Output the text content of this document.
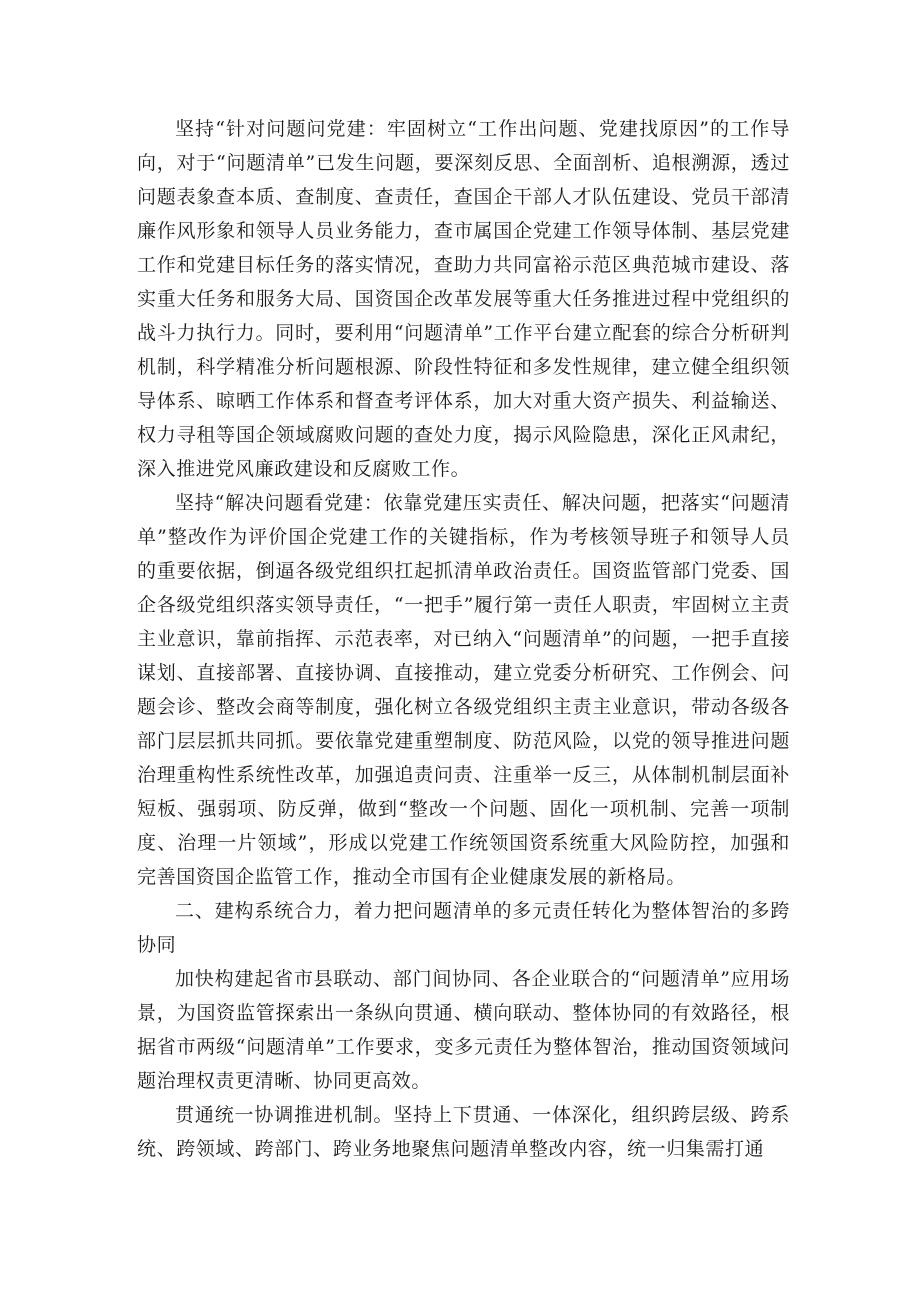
坚持“针对问题问党建：牢固树立“工作出问题、党建找原因”的工作导向，对于“问题清单”已发生问题，要深刻反思、全面剖析、追根溯源，透过问题表象查本质、查制度、查责任，查国企干部人才队伍建设、党员干部清廉作风形象和领导人员业务能力，查市属国企党建工作领导体制、基层党建工作和党建目标任务的落实情况，查助力共同富裕示范区典范城市建设、落实重大任务和服务大局、国资国企改革发展等重大任务推进过程中党组织的战斗力执行力。同时，要利用“问题清单”工作平台建立配套的综合分析研判机制，科学精准分析问题根源、阶段性特征和多发性规律，建立健全组织领导体系、晾晒工作体系和督查考评体系，加大对重大资产损失、利益输送、权力寻租等国企领域腐败问题的查处力度，揭示风险隐患，深化正风肃纪，深入推进党风廉政建设和反腐败工作。

坚持“解决问题看党建：依靠党建压实责任、解决问题，把落实“问题清单”整改作为评价国企党建工作的关键指标，作为考核领导班子和领导人员的重要依据，倒逼各级党组织扛起抓清单政治责任。国资监管部门党委、国企各级党组织落实领导责任，“一把手”履行第一责任人职责，牢固树立主责主业意识，靠前指挥、示范表率，对已纳入“问题清单”的问题，一把手直接谋划、直接部署、直接协调、直接推动，建立党委分析研究、工作例会、问题会诊、整改会商等制度，强化树立各级党组织主责主业意识，带动各级各部门层层抓共同抓。要依靠党建重塑制度、防范风险，以党的领导推进问题治理重构性系统性改革，加强追责问责、注重举一反三，从体制机制层面补短板、强弱项、防反弹，做到“整改一个问题、固化一项机制、完善一项制度、治理一片领域”，形成以党建工作统领国资系统重大风险防控，加强和完善国资国企监管工作，推动全市国有企业健康发展的新格局。

二、建构系统合力，着力把问题清单的多元责任转化为整体智治的多跨协同

加快构建起省市县联动、部门间协同、各企业联合的“问题清单”应用场景，为国资监管探索出一条纵向贯通、横向联动、整体协同的有效路径，根据省市两级“问题清单”工作要求，变多元责任为整体智治，推动国资领域问题治理权责更清晰、协同更高效。

贯通统一协调推进机制。坚持上下贯通、一体深化，组织跨层级、跨系统、跨领域、跨部门、跨业务地聚焦问题清单整改内容，统一归集需打通
